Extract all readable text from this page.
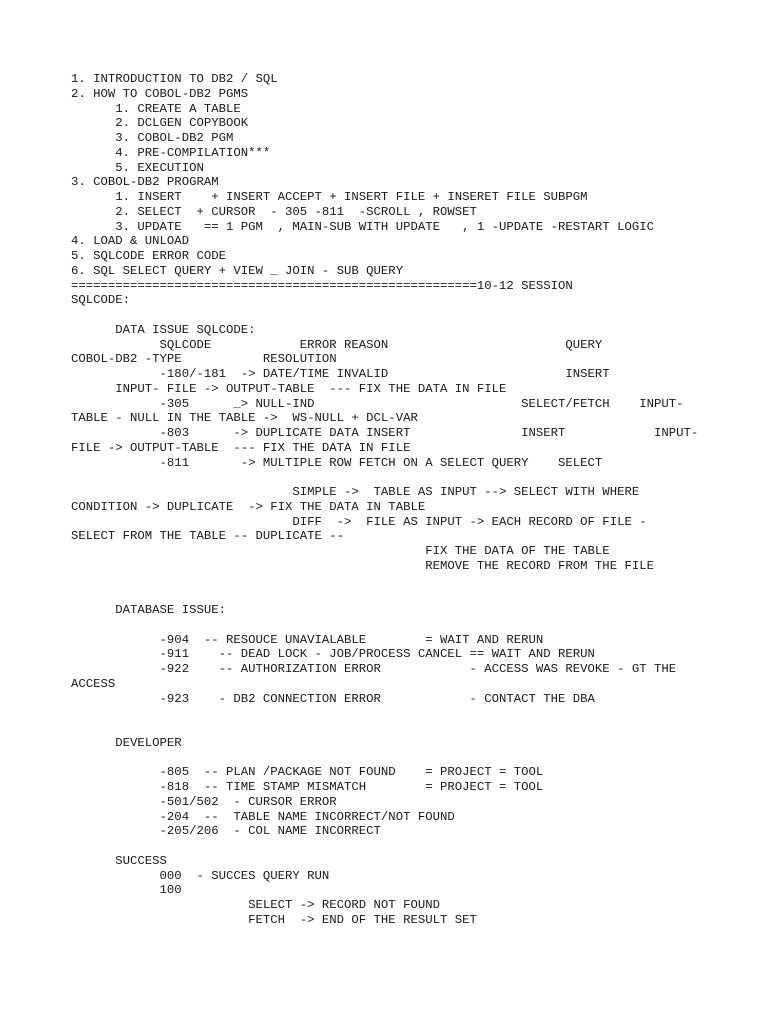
1. INTRODUCTION TO DB2 / SQL
2. HOW TO COBOL-DB2 PGMS
1. CREATE A TABLE
2. DCLGEN COPYBOOK
3. COBOL-DB2 PGM
4. PRE-COMPILATION***
5. EXECUTION
3. COBOL-DB2 PROGRAM
1. INSERT    + INSERT ACCEPT + INSERT FILE + INSERET FILE SUBPGM
2. SELECT  + CURSOR  - 305 -811  -SCROLL , ROWSET
3. UPDATE   == 1 PGM  , MAIN-SUB WITH UPDATE   , 1 -UPDATE -RESTART LOGIC
4. LOAD & UNLOAD
5. SQLCODE ERROR CODE
6. SQL SELECT QUERY + VIEW _ JOIN - SUB QUERY
=======================================================10-12 SESSION
SQLCODE:
DATA ISSUE SQLCODE:
SQLCODE            ERROR REASON                        QUERY
COBOL-DB2 -TYPE           RESOLUTION
-180/-181  -> DATE/TIME INVALID                        INSERT
INPUT- FILE -> OUTPUT-TABLE  --- FIX THE DATA IN FILE
-305      _> NULL-IND                            SELECT/FETCH    INPUT-
TABLE - NULL IN THE TABLE ->  WS-NULL + DCL-VAR
-803      -> DUPLICATE DATA INSERT               INSERT            INPUT-
FILE -> OUTPUT-TABLE  --- FIX THE DATA IN FILE
-811       -> MULTIPLE ROW FETCH ON A SELECT QUERY    SELECT
SIMPLE ->  TABLE AS INPUT --> SELECT WITH WHERE
CONDITION -> DUPLICATE  -> FIX THE DATA IN TABLE
DIFF  ->  FILE AS INPUT -> EACH RECORD OF FILE -
SELECT FROM THE TABLE -- DUPLICATE --
FIX THE DATA OF THE TABLE
REMOVE THE RECORD FROM THE FILE
DATABASE ISSUE:
-904  -- RESOUCE UNAVIALABLE        = WAIT AND RERUN
-911    -- DEAD LOCK - JOB/PROCESS CANCEL == WAIT AND RERUN
-922    -- AUTHORIZATION ERROR            - ACCESS WAS REVOKE - GT THE
ACCESS
-923    - DB2 CONNECTION ERROR            - CONTACT THE DBA
DEVELOPER
-805  -- PLAN /PACKAGE NOT FOUND    = PROJECT = TOOL
-818  -- TIME STAMP MISMATCH        = PROJECT = TOOL
-501/502  - CURSOR ERROR
-204  --  TABLE NAME INCORRECT/NOT FOUND
-205/206  - COL NAME INCORRECT
SUCCESS
000  - SUCCES QUERY RUN
100
SELECT -> RECORD NOT FOUND
FETCH  -> END OF THE RESULT SET
